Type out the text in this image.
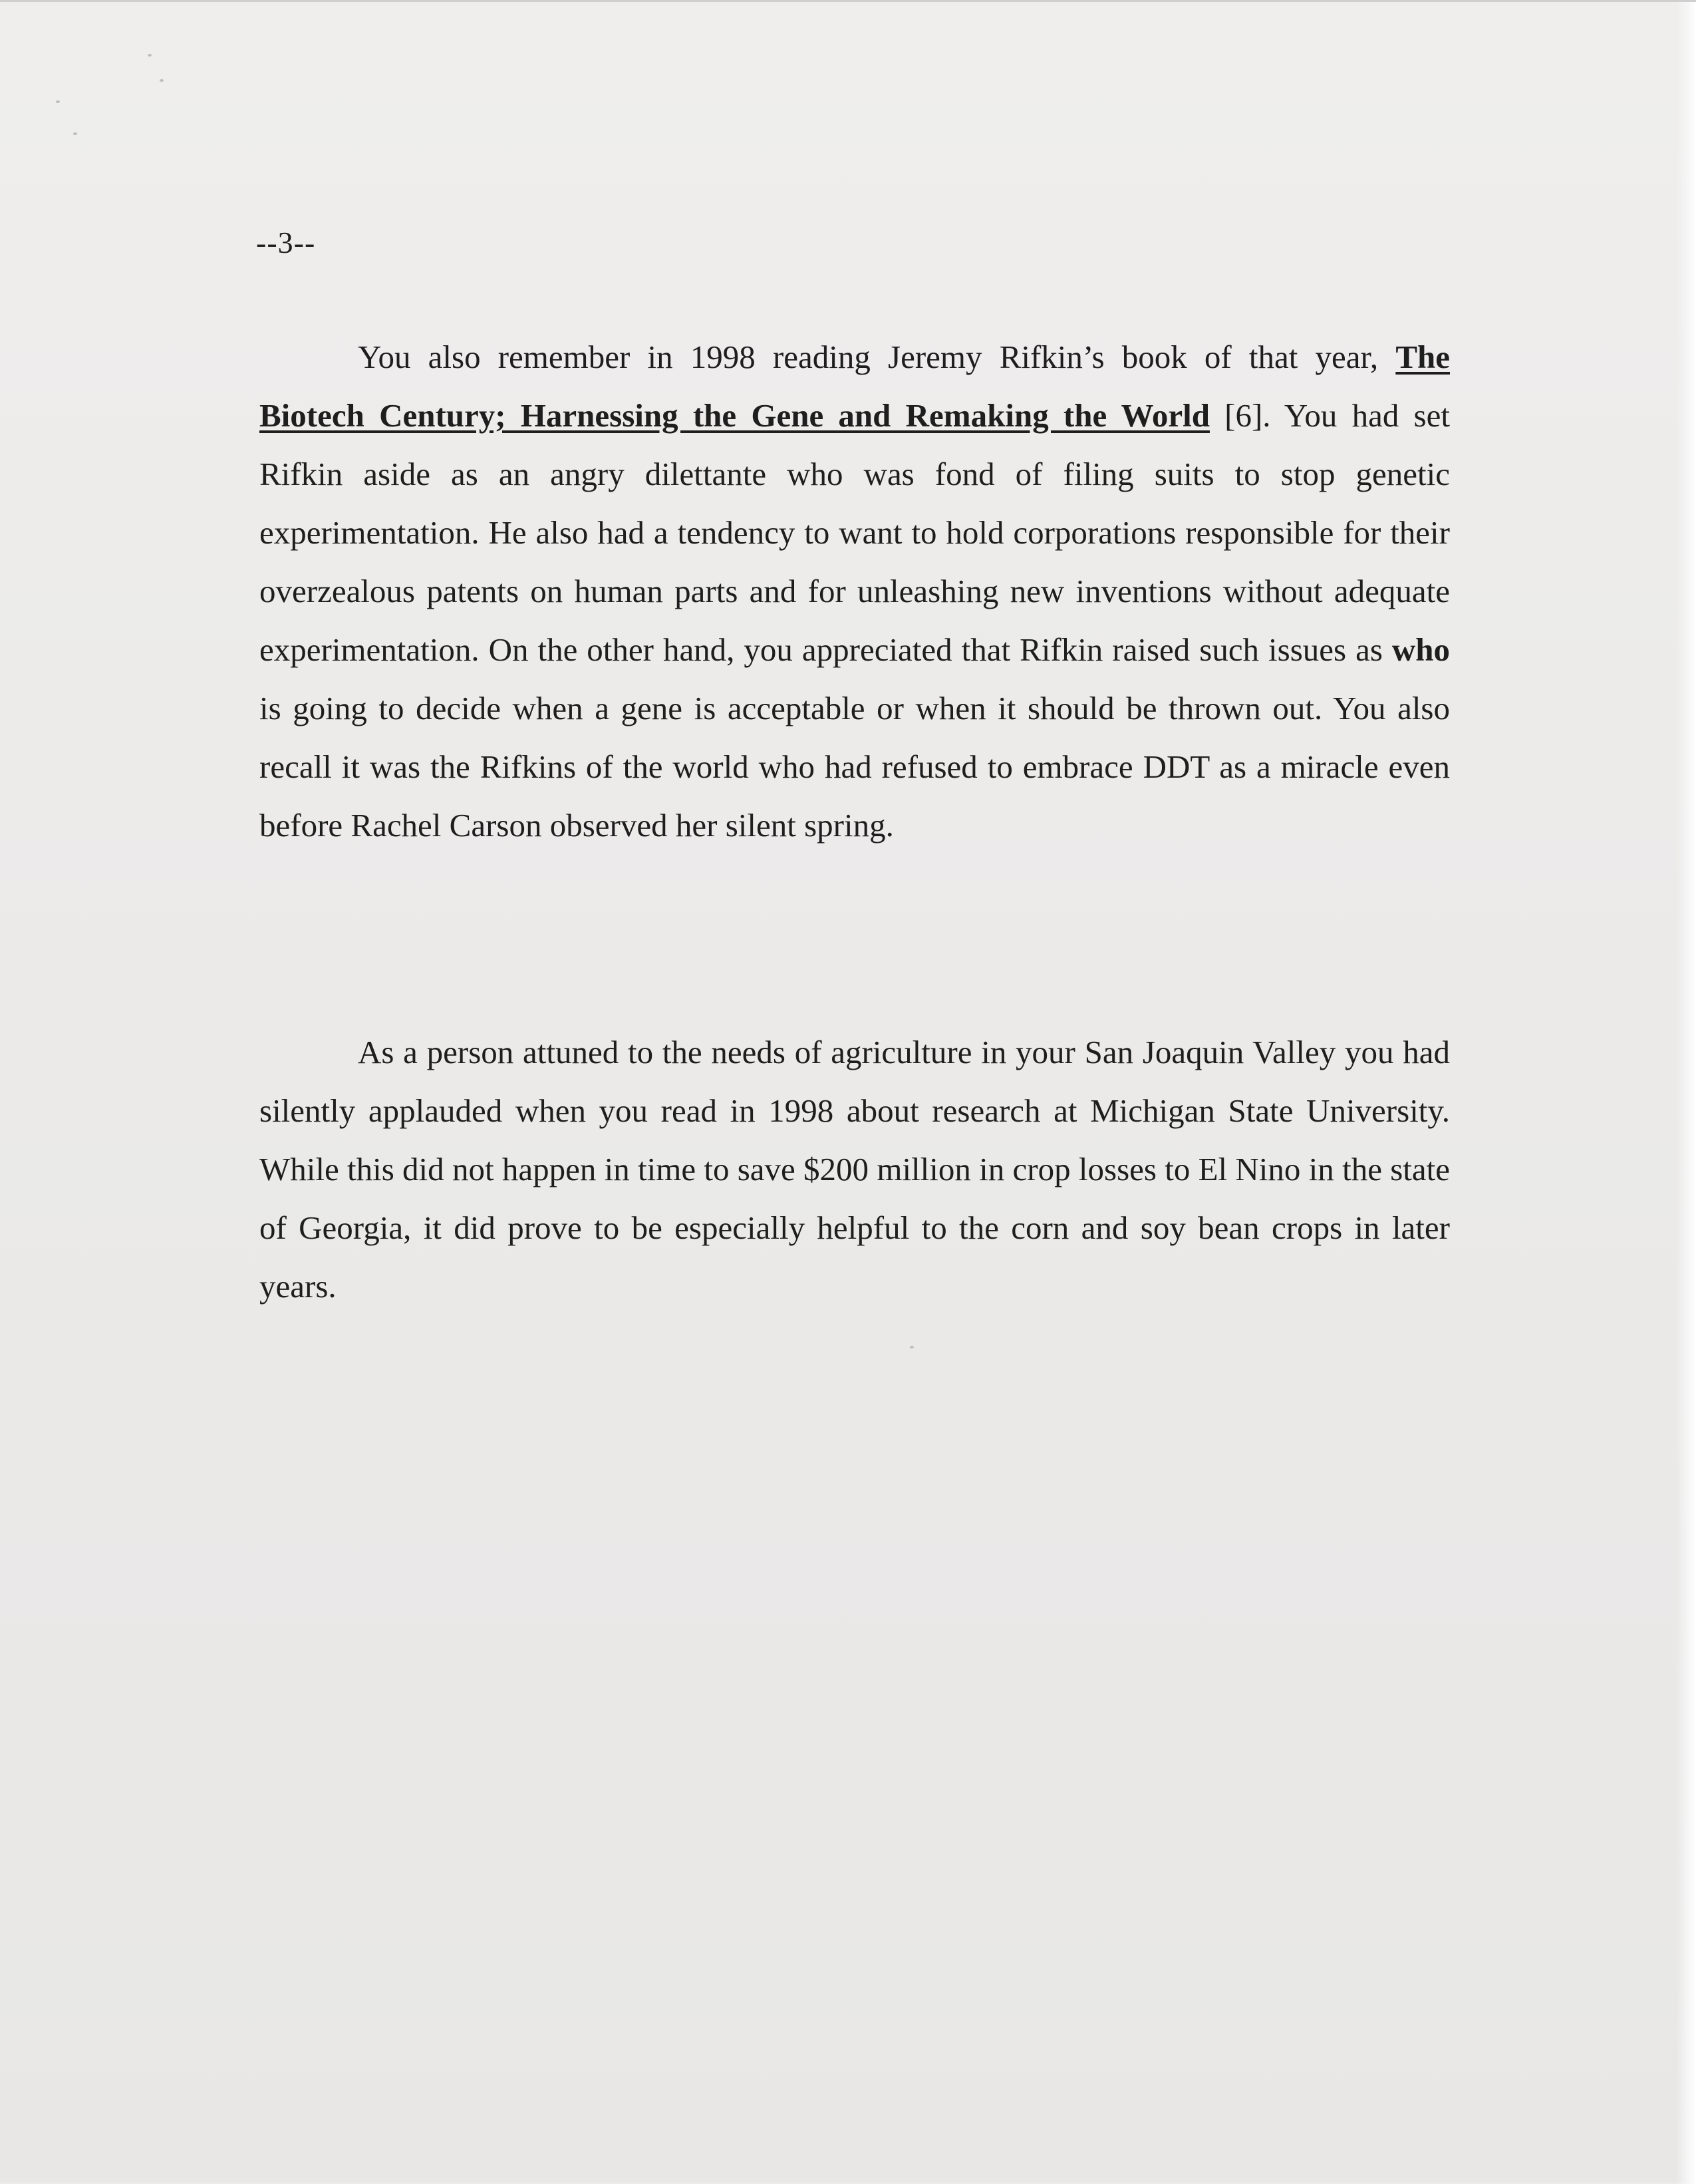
--3--

You also remember in 1998 reading Jeremy Rifkin’s book of that year, The Biotech Century; Harnessing the Gene and Remaking the World [6]. You had set Rifkin aside as an angry dilettante who was fond of filing suits to stop genetic experimentation. He also had a tendency to want to hold corporations responsible for their overzealous patents on human parts and for unleashing new inventions without adequate experimentation. On the other hand, you appreciated that Rifkin raised such issues as who is going to decide when a gene is acceptable or when it should be thrown out. You also recall it was the Rifkins of the world who had refused to embrace DDT as a miracle even before Rachel Carson observed her silent spring.

As a person attuned to the needs of agriculture in your San Joaquin Valley you had silently applauded when you read in 1998 about research at Michigan State University. While this did not happen in time to save $200 million in crop losses to El Nino in the state of Georgia, it did prove to be especially helpful to the corn and soy bean crops in later years.
